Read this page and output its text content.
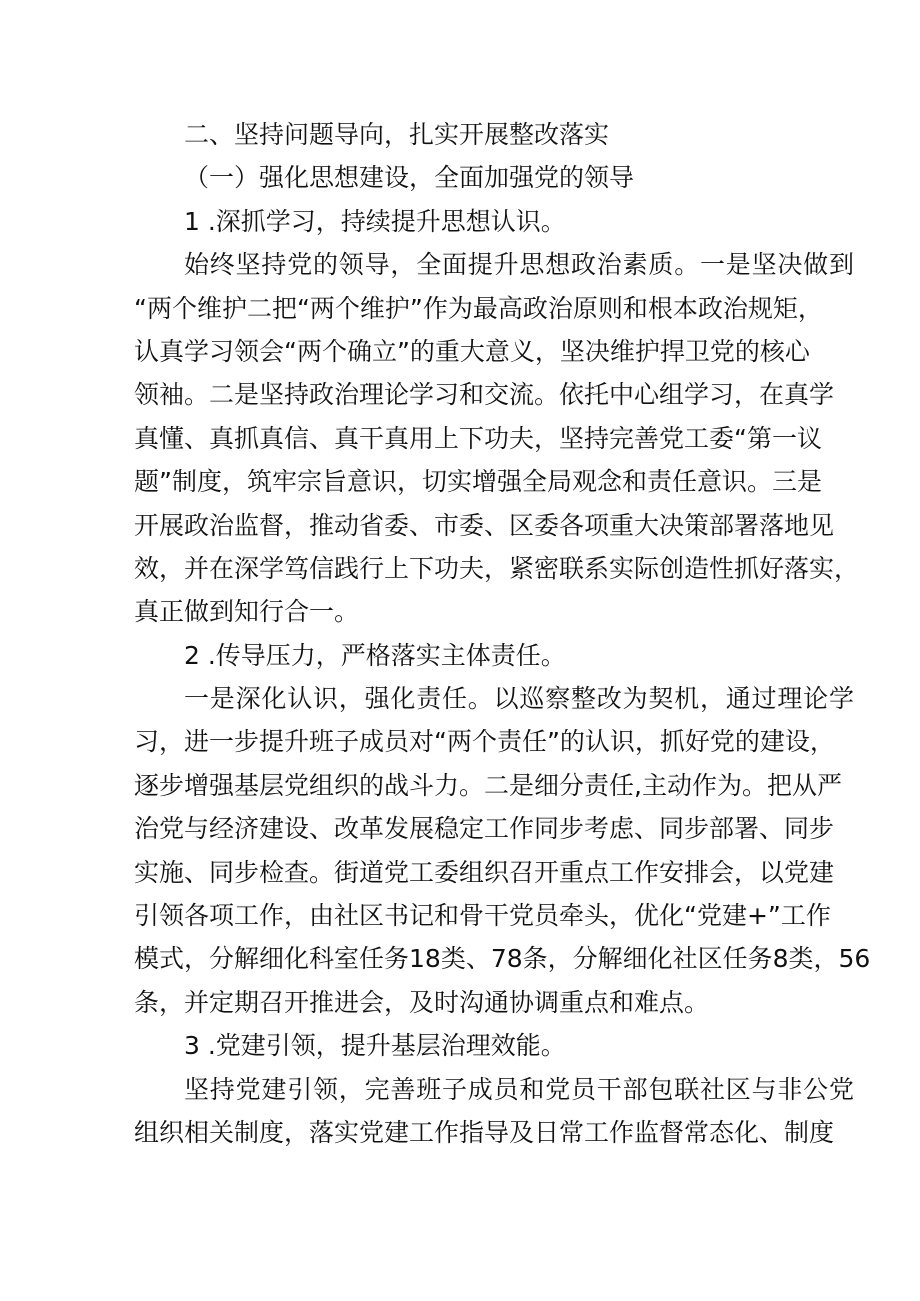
二、坚持问题导向，扎实开展整改落实
（一）强化思想建设，全面加强党的领导
1 .深抓学习，持续提升思想认识。
始终坚持党的领导，全面提升思想政治素质。一是坚决做到
“两个维护二把“两个维护”作为最高政治原则和根本政治规矩，
认真学习领会“两个确立”的重大意义，坚决维护捍卫党的核心
领袖。二是坚持政治理论学习和交流。依托中心组学习，在真学
真懂、真抓真信、真干真用上下功夫，坚持完善党工委“第一议
题”制度，筑牢宗旨意识，切实增强全局观念和责任意识。三是
开展政治监督，推动省委、市委、区委各项重大决策部署落地见
效，并在深学笃信践行上下功夫，紧密联系实际创造性抓好落实，
真正做到知行合一。
2 .传导压力，严格落实主体责任。
一是深化认识，强化责任。以巡察整改为契机，通过理论学
习，进一步提升班子成员对“两个责任”的认识，抓好党的建设，
逐步增强基层党组织的战斗力。二是细分责任,主动作为。把从严
治党与经济建设、改革发展稳定工作同步考虑、同步部署、同步
实施、同步检查。街道党工委组织召开重点工作安排会，以党建
引领各项工作，由社区书记和骨干党员牵头，优化“党建+”工作
模式，分解细化科室任务18类、78条，分解细化社区任务8类，56
条，并定期召开推进会，及时沟通协调重点和难点。
3 .党建引领，提升基层治理效能。
坚持党建引领，完善班子成员和党员干部包联社区与非公党
组织相关制度，落实党建工作指导及日常工作监督常态化、制度
